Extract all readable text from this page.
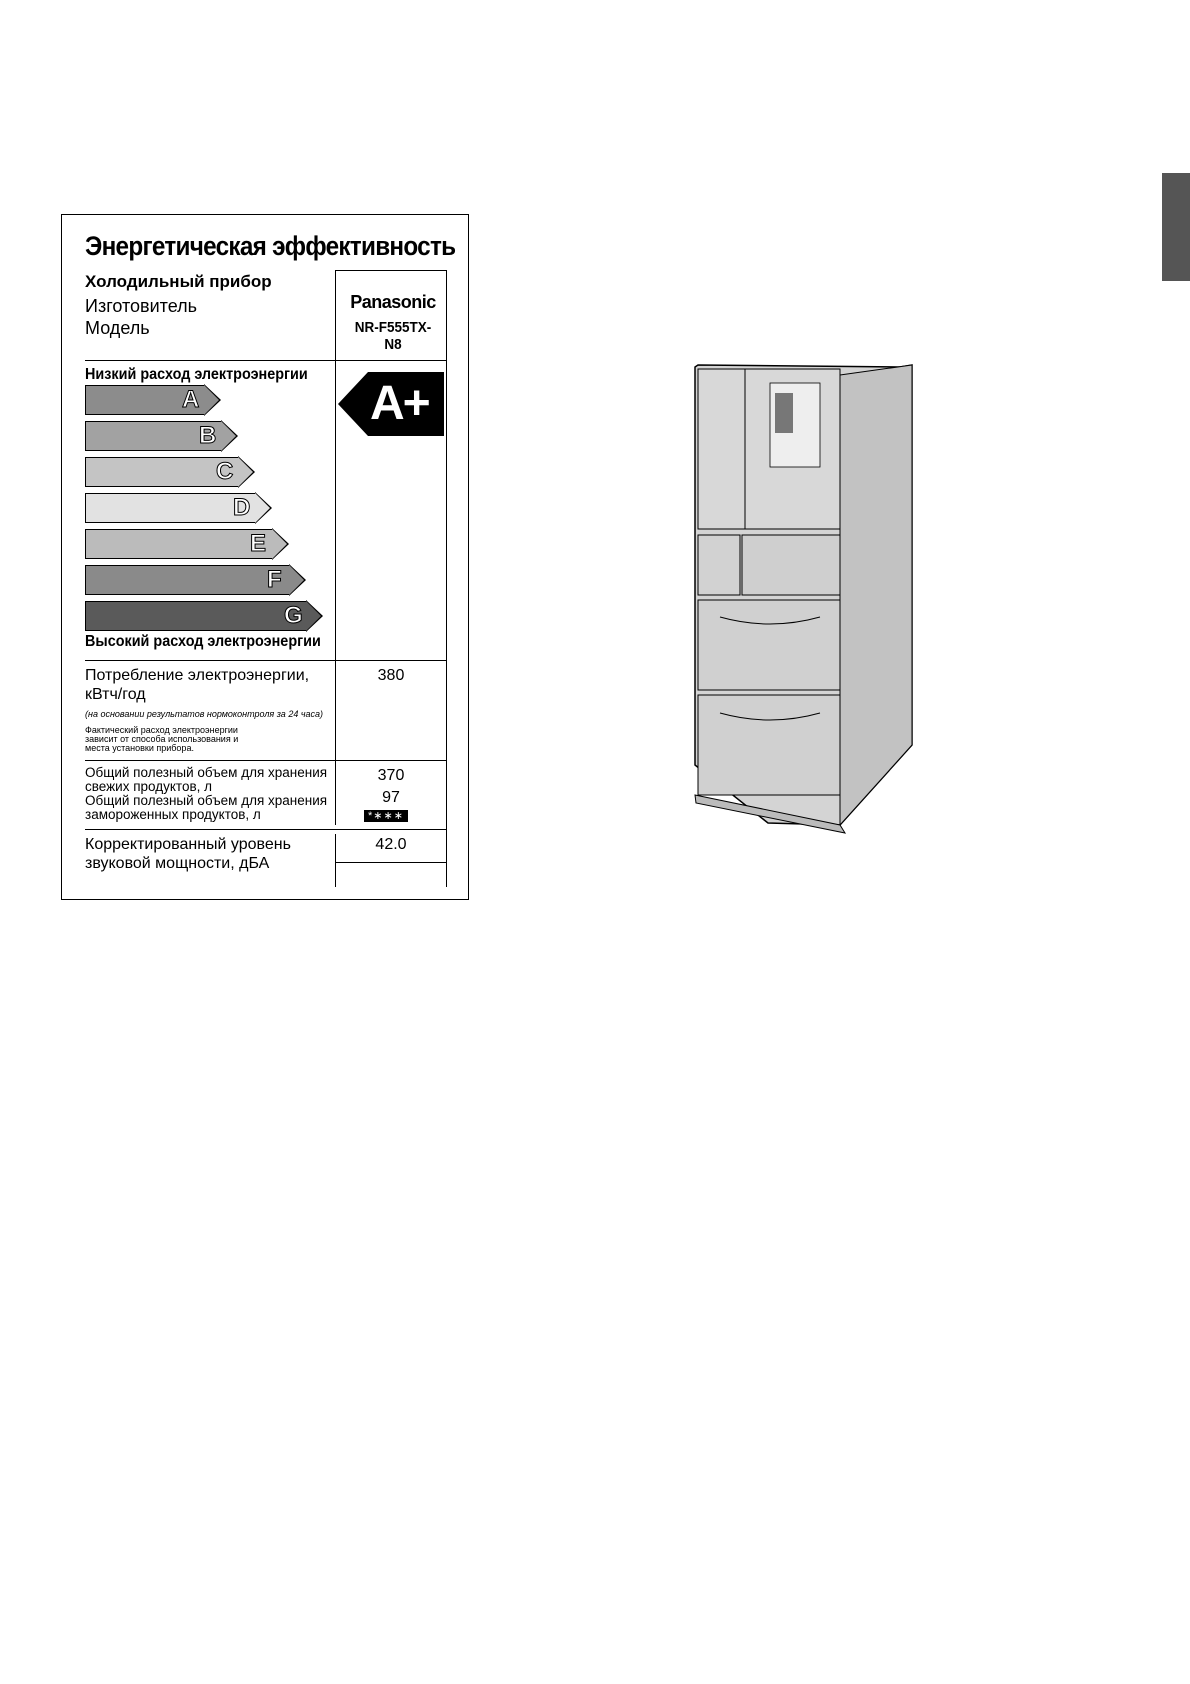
Энергетическая эффективность
Холодильный прибор
Изготовитель
Модель
Panasonic
NR-F555TX-N8
Низкий расход электроэнергии
A
B
C
D
E
F
G
A+
Высокий расход электроэнергии
Потребление электроэнергии,
кВтч/год
(на основании результатов нормоконтроля за 24 часа)
Фактический расход электроэнергии
зависит от способа использования и
места установки прибора.
380
Общий полезный объем для хранения
свежих продуктов, л
Общий полезный объем для хранения
замороженных продуктов, л
370
97
*∗∗∗
Корректированный уровень
звуковой мощности, дБА
42.0
